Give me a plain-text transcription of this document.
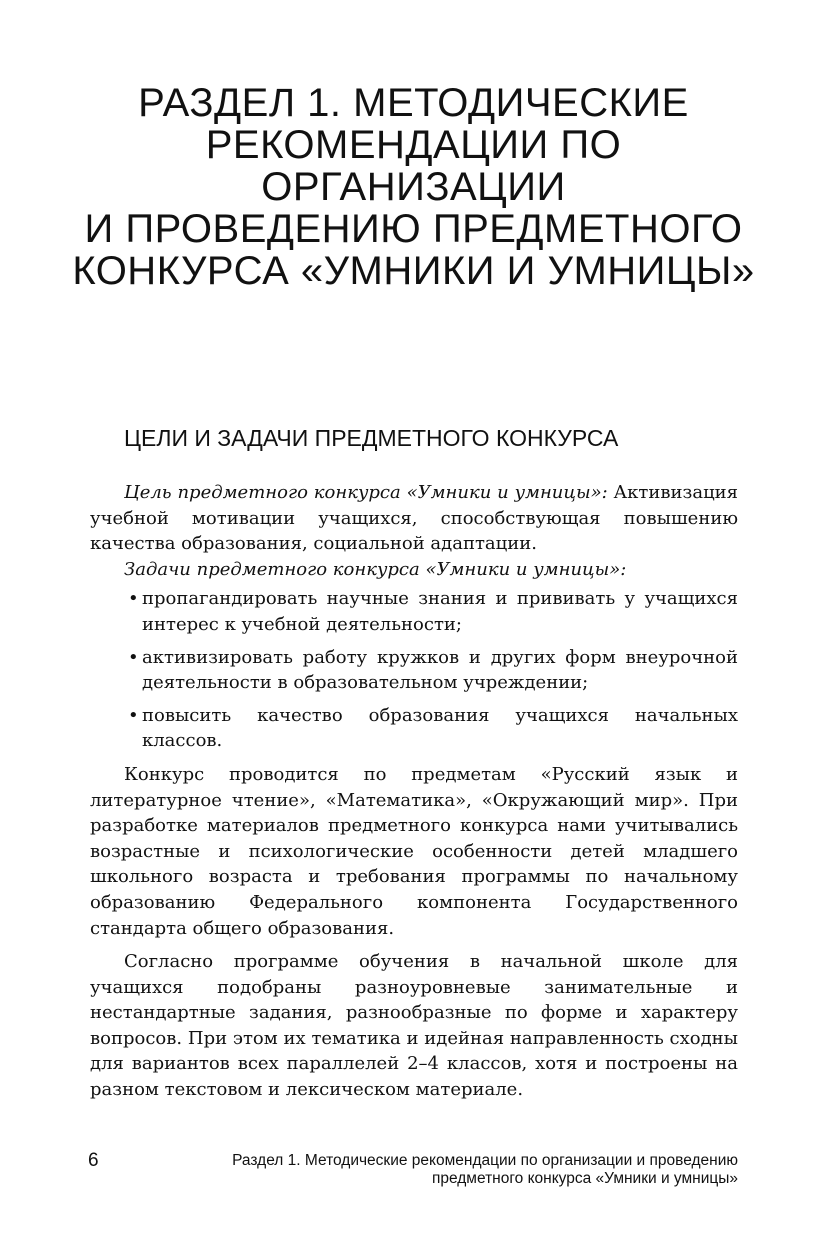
РАЗДЕЛ 1. МЕТОДИЧЕСКИЕ
РЕКОМЕНДАЦИИ ПО ОРГАНИЗАЦИИ
И ПРОВЕДЕНИЮ ПРЕДМЕТНОГО
КОНКУРСА «УМНИКИ И УМНИЦЫ»
ЦЕЛИ И ЗАДАЧИ ПРЕДМЕТНОГО КОНКУРСА

Цель предметного конкурса «Умники и умницы»: Активизация учебной мотивации учащихся, способствующая повышению качества образования, социальной адаптации.

Задачи предметного конкурса «Умники и умницы»:

• пропагандировать научные знания и прививать у учащихся интерес к учебной деятельности;
• активизировать работу кружков и других форм внеурочной деятельности в образовательном учреждении;
• повысить качество образования учащихся начальных классов.

Конкурс проводится по предметам «Русский язык и литературное чтение», «Математика», «Окружающий мир». При разработке материалов предметного конкурса нами учитывались возрастные и психологические особенности детей младшего школьного возраста и требования программы по начальному образованию Федерального компонента Государственного стандарта общего образования.

Согласно программе обучения в начальной школе для учащихся подобраны разноуровневые занимательные и нестандартные задания, разнообразные по форме и характеру вопросов. При этом их тематика и идейная направленность сходны для вариантов всех параллелей 2–4 классов, хотя и построены на разном текстовом и лексическом материале.

6	Раздел 1. Методические рекомендации по организации и проведению
предметного конкурса «Умники и умницы»
